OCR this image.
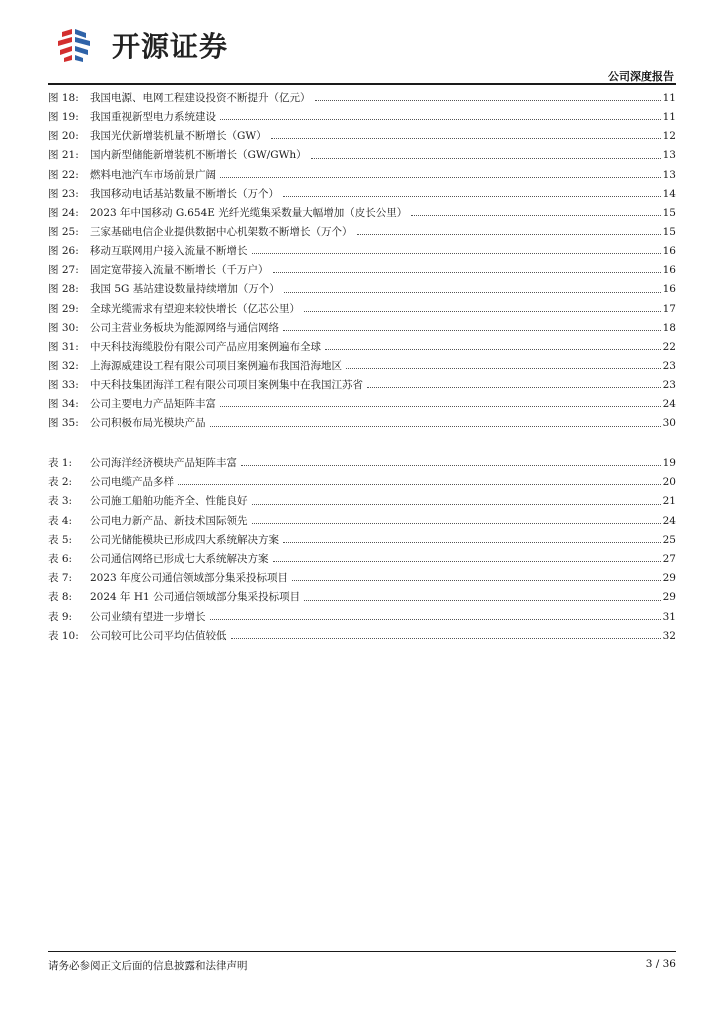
开源证券
公司深度报告
图 18:	我国电源、电网工程建设投资不断提升（亿元）	11
图 19:	我国重视新型电力系统建设	11
图 20:	我国光伏新增装机量不断增长（GW）	12
图 21:	国内新型储能新增装机不断增长（GW/GWh）	13
图 22:	燃料电池汽车市场前景广阔	13
图 23:	我国移动电话基站数量不断增长（万个）	14
图 24:	2023 年中国移动 G.654E 光纤光缆集采数量大幅增加（皮长公里）	15
图 25:	三家基础电信企业提供数据中心机架数不断增长（万个）	15
图 26:	移动互联网用户接入流量不断增长	16
图 27:	固定宽带接入流量不断增长（千万户）	16
图 28:	我国 5G 基站建设数量持续增加（万个）	16
图 29:	全球光缆需求有望迎来较快增长（亿芯公里）	17
图 30:	公司主营业务板块为能源网络与通信网络	18
图 31:	中天科技海缆股份有限公司产品应用案例遍布全球	22
图 32:	上海源威建设工程有限公司项目案例遍布我国沿海地区	23
图 33:	中天科技集团海洋工程有限公司项目案例集中在我国江苏省	23
图 34:	公司主要电力产品矩阵丰富	24
图 35:	公司积极布局光模块产品	30
表 1:	公司海洋经济模块产品矩阵丰富	19
表 2:	公司电缆产品多样	20
表 3:	公司施工船舶功能齐全、性能良好	21
表 4:	公司电力新产品、新技术国际领先	24
表 5:	公司光储能模块已形成四大系统解决方案	25
表 6:	公司通信网络已形成七大系统解决方案	27
表 7:	2023 年度公司通信领域部分集采投标项目	29
表 8:	2024 年 H1 公司通信领域部分集采投标项目	29
表 9:	公司业绩有望进一步增长	31
表 10:	公司较可比公司平均估值较低	32
请务必参阅正文后面的信息披露和法律声明	3 / 36
